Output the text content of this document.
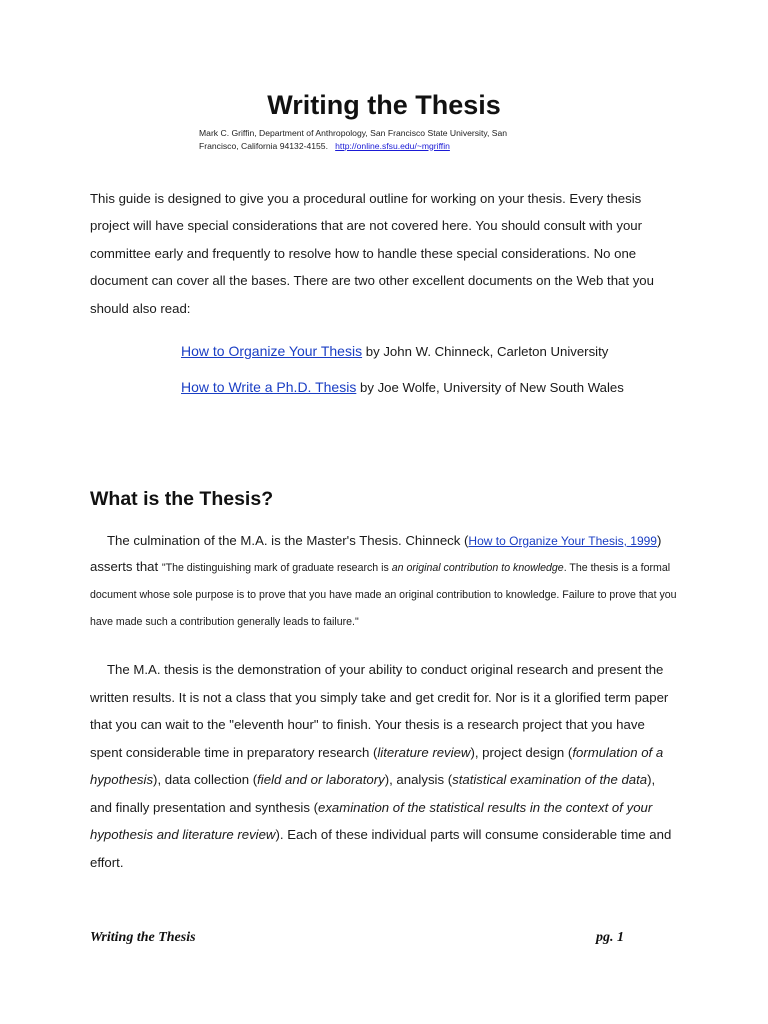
Writing the Thesis
Mark C. Griffin, Department of Anthropology, San Francisco State University, San
Francisco, California 94132-4155. http://online.sfsu.edu/~mgriffin
This guide is designed to give you a procedural outline for working on your thesis. Every thesis project will have special considerations that are not covered here. You should consult with your committee early and frequently to resolve how to handle these special considerations. No one document can cover all the bases. There are two other excellent documents on the Web that you should also read:
How to Organize Your Thesis by John W. Chinneck, Carleton University
How to Write a Ph.D. Thesis by Joe Wolfe, University of New South Wales
What is the Thesis?
The culmination of the M.A. is the Master's Thesis. Chinneck (How to Organize Your Thesis, 1999) asserts that "The distinguishing mark of graduate research is an original contribution to knowledge. The thesis is a formal document whose sole purpose is to prove that you have made an original contribution to knowledge. Failure to prove that you have made such a contribution generally leads to failure."
The M.A. thesis is the demonstration of your ability to conduct original research and present the written results. It is not a class that you simply take and get credit for. Nor is it a glorified term paper that you can wait to the "eleventh hour" to finish. Your thesis is a research project that you have spent considerable time in preparatory research (literature review), project design (formulation of a hypothesis), data collection (field and or laboratory), analysis (statistical examination of the data), and finally presentation and synthesis (examination of the statistical results in the context of your hypothesis and literature review). Each of these individual parts will consume considerable time and effort.
Writing the Thesis	pg. 1
